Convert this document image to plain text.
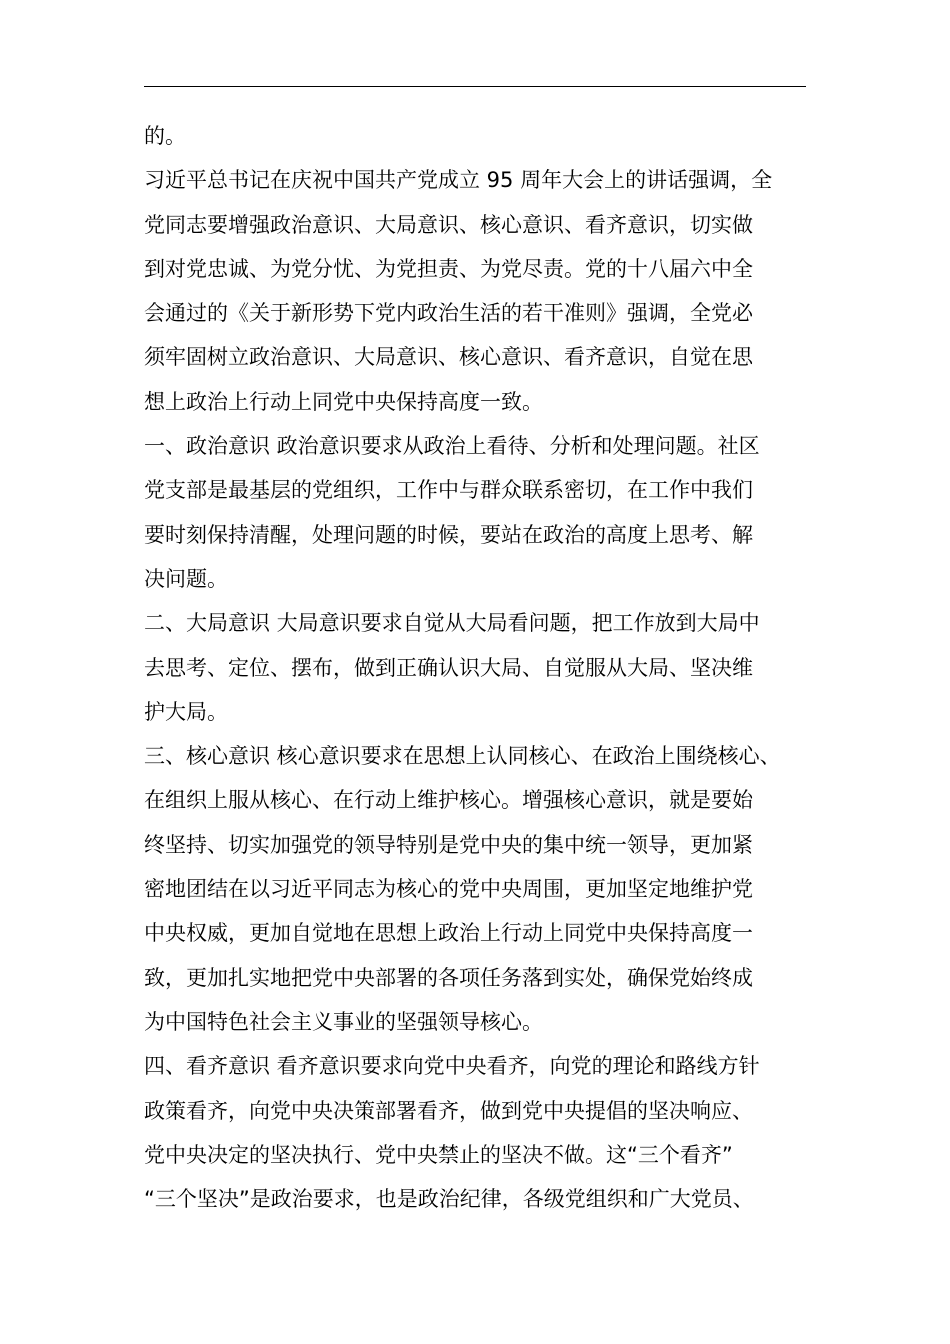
的。
习近平总书记在庆祝中国共产党成立 95 周年大会上的讲话强调，全
党同志要增强政治意识、大局意识、核心意识、看齐意识，切实做
到对党忠诚、为党分忧、为党担责、为党尽责。党的十八届六中全
会通过的《关于新形势下党内政治生活的若干准则》强调，全党必
须牢固树立政治意识、大局意识、核心意识、看齐意识，自觉在思
想上政治上行动上同党中央保持高度一致。
一、政治意识 政治意识要求从政治上看待、分析和处理问题。社区
党支部是最基层的党组织，工作中与群众联系密切，在工作中我们
要时刻保持清醒，处理问题的时候，要站在政治的高度上思考、解
决问题。
二、大局意识 大局意识要求自觉从大局看问题，把工作放到大局中
去思考、定位、摆布，做到正确认识大局、自觉服从大局、坚决维
护大局。
三、核心意识 核心意识要求在思想上认同核心、在政治上围绕核心、
在组织上服从核心、在行动上维护核心。增强核心意识，就是要始
终坚持、切实加强党的领导特别是党中央的集中统一领导，更加紧
密地团结在以习近平同志为核心的党中央周围，更加坚定地维护党
中央权威，更加自觉地在思想上政治上行动上同党中央保持高度一
致，更加扎实地把党中央部署的各项任务落到实处，确保党始终成
为中国特色社会主义事业的坚强领导核心。
四、看齐意识 看齐意识要求向党中央看齐，向党的理论和路线方针
政策看齐，向党中央决策部署看齐，做到党中央提倡的坚决响应、
党中央决定的坚决执行、党中央禁止的坚决不做。这“三个看齐”
“三个坚决”是政治要求，也是政治纪律，各级党组织和广大党员、
